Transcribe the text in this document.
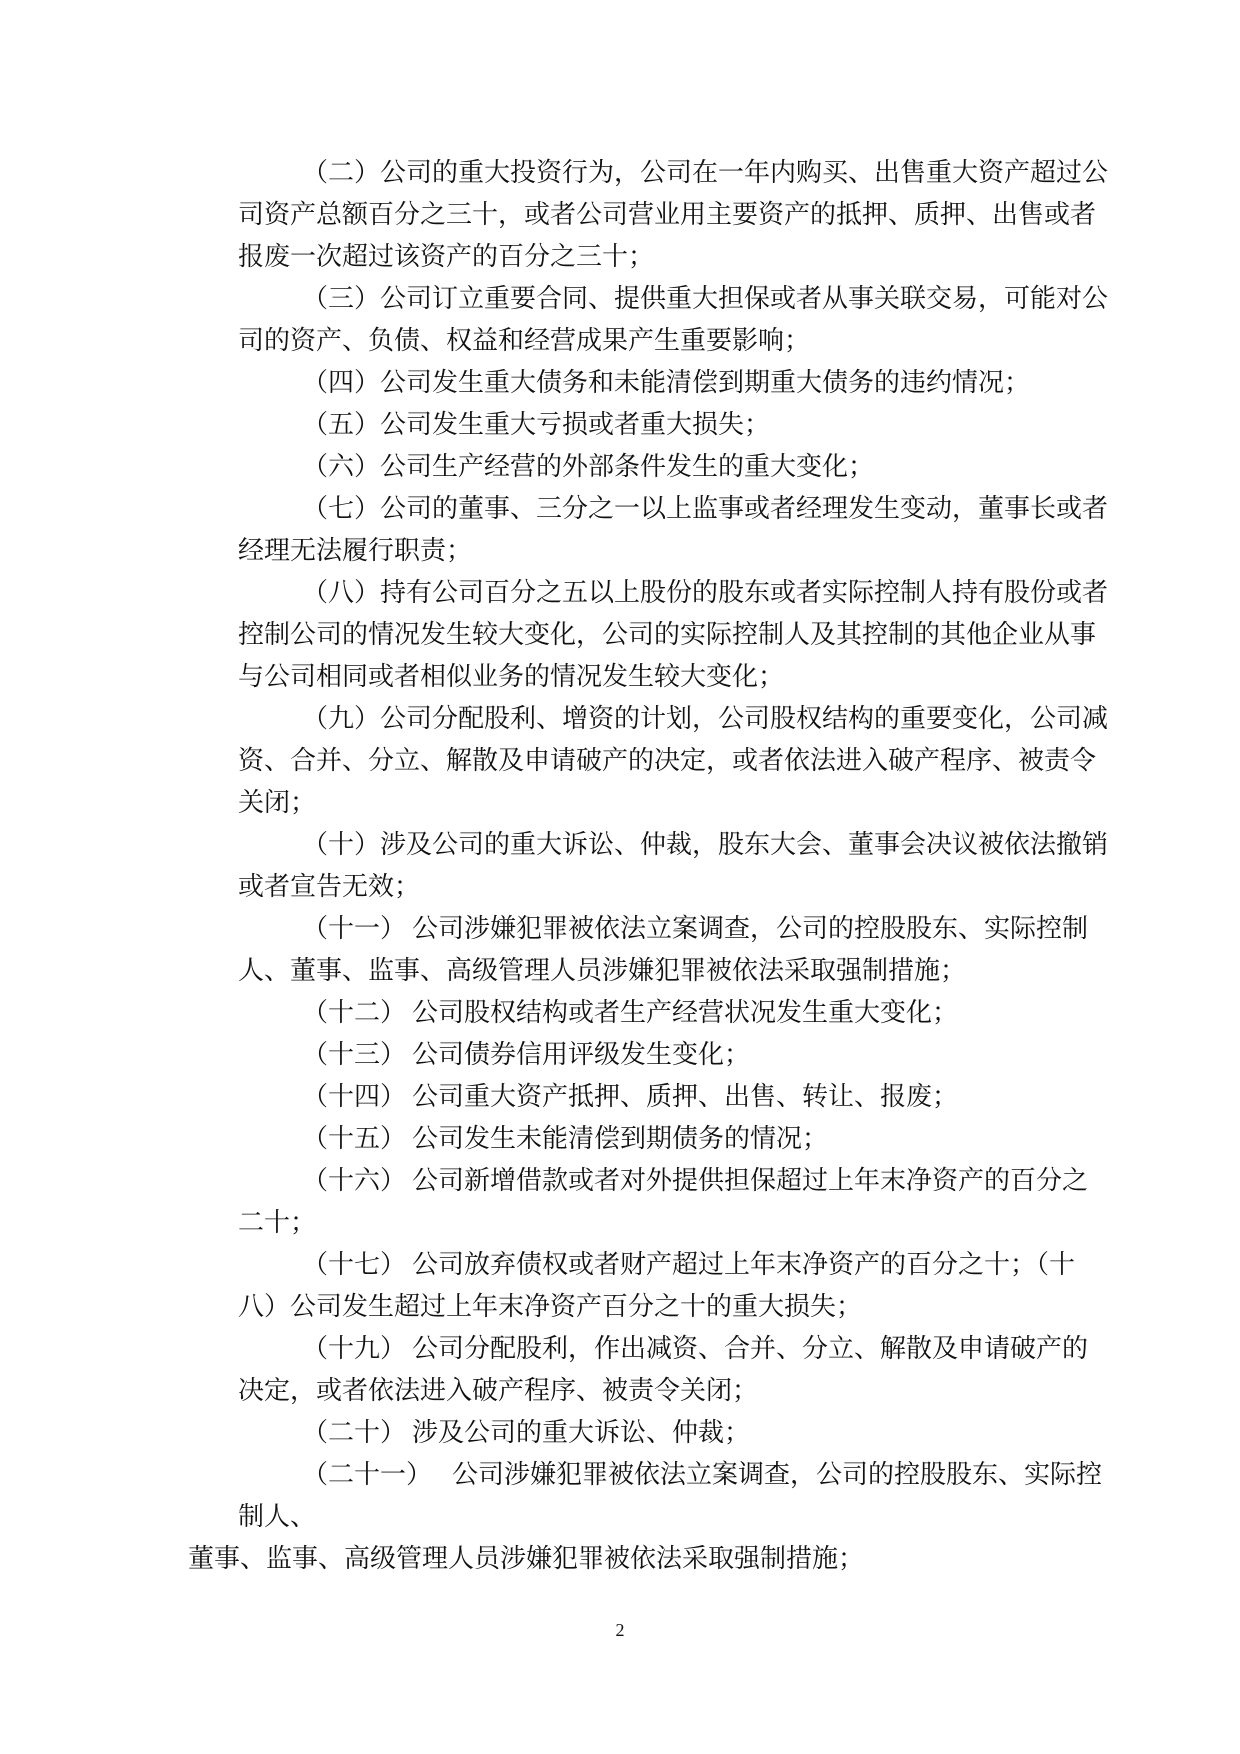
（二）公司的重大投资行为，公司在一年内购买、出售重大资产超过公
司资产总额百分之三十，或者公司营业用主要资产的抵押、质押、出售或者
报废一次超过该资产的百分之三十；
（三）公司订立重要合同、提供重大担保或者从事关联交易，可能对公
司的资产、负债、权益和经营成果产生重要影响；
（四）公司发生重大债务和未能清偿到期重大债务的违约情况；
（五）公司发生重大亏损或者重大损失；
（六）公司生产经营的外部条件发生的重大变化；
（七）公司的董事、三分之一以上监事或者经理发生变动，董事长或者
经理无法履行职责；
（八）持有公司百分之五以上股份的股东或者实际控制人持有股份或者
控制公司的情况发生较大变化，公司的实际控制人及其控制的其他企业从事
与公司相同或者相似业务的情况发生较大变化；
（九）公司分配股利、增资的计划，公司股权结构的重要变化，公司减
资、合并、分立、解散及申请破产的决定，或者依法进入破产程序、被责令
关闭；
（十）涉及公司的重大诉讼、仲裁，股东大会、董事会决议被依法撤销
或者宣告无效；
（十一） 公司涉嫌犯罪被依法立案调查，公司的控股股东、实际控制
人、董事、监事、高级管理人员涉嫌犯罪被依法采取强制措施；
（十二） 公司股权结构或者生产经营状况发生重大变化；
（十三） 公司债券信用评级发生变化；
（十四） 公司重大资产抵押、质押、出售、转让、报废；
（十五） 公司发生未能清偿到期债务的情况；
（十六） 公司新增借款或者对外提供担保超过上年末净资产的百分之
二十；
（十七） 公司放弃债权或者财产超过上年末净资产的百分之十；（十
八）公司发生超过上年末净资产百分之十的重大损失；
（十九） 公司分配股利，作出减资、合并、分立、解散及申请破产的
决定，或者依法进入破产程序、被责令关闭；
（二十） 涉及公司的重大诉讼、仲裁；
（二十一） 公司涉嫌犯罪被依法立案调查，公司的控股股东、实际控
制人、
董事、监事、高级管理人员涉嫌犯罪被依法采取强制措施；
2
